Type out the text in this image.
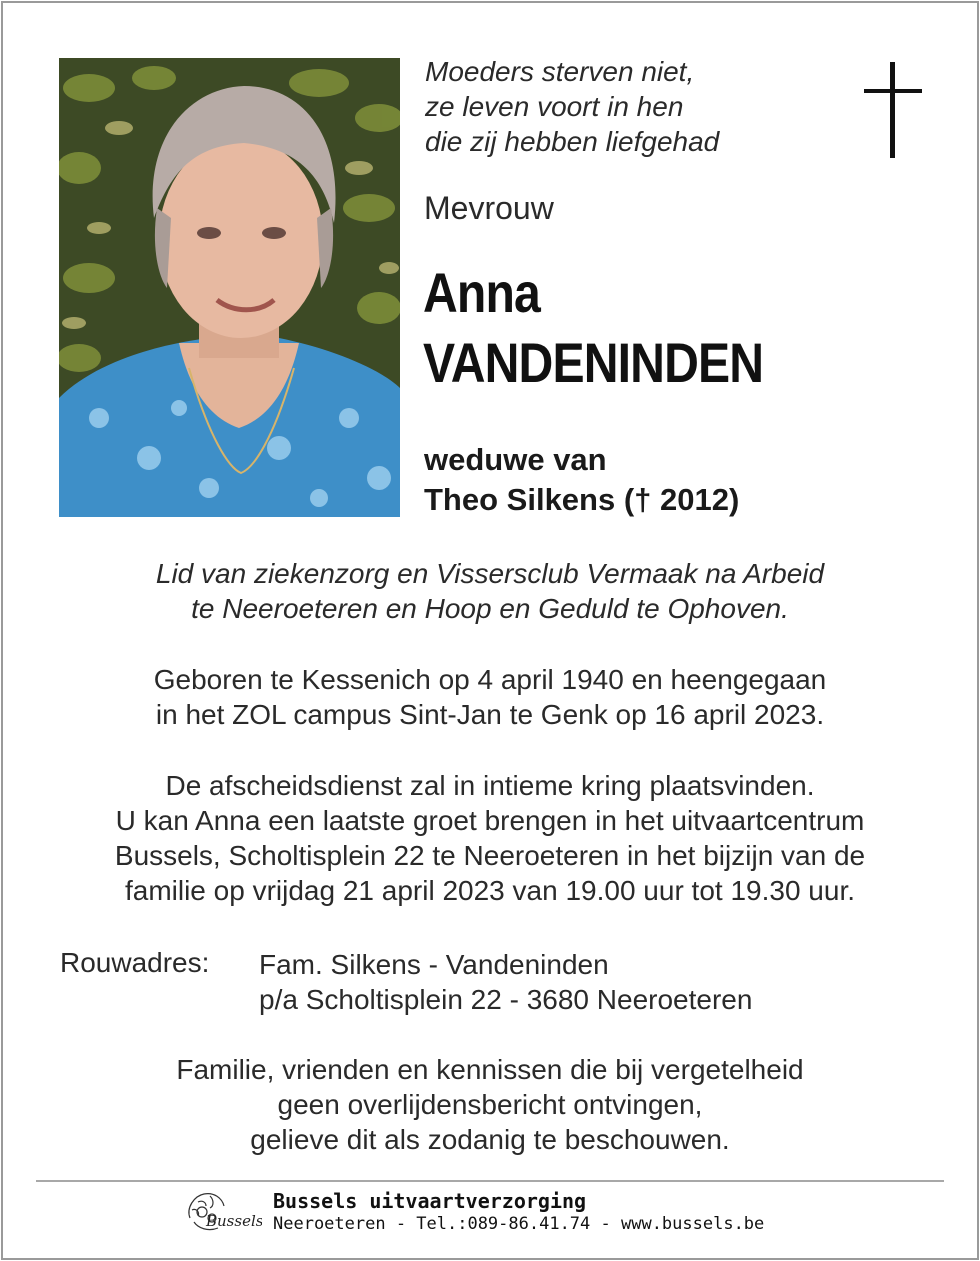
Moeders sterven niet,
ze leven voort in hen
die zij hebben liefgehad
Mevrouw
Anna
VANDENINDEN
weduwe van
Theo Silkens († 2012)
Lid van ziekenzorg en Vissersclub Vermaak na Arbeid
te Neeroeteren en Hoop en Geduld te Ophoven.
Geboren te Kessenich op 4 april 1940 en heengegaan
in het ZOL campus Sint-Jan te Genk op 16 april 2023.
De afscheidsdienst zal in intieme kring plaatsvinden.
U kan Anna een laatste groet brengen in het uitvaartcentrum
Bussels, Scholtisplein 22 te Neeroeteren in het bijzijn van de
familie op vrijdag 21 april 2023 van 19.00 uur tot 19.30 uur.
Rouwadres: Fam. Silkens - Vandeninden
p/a Scholtisplein 22 - 3680 Neeroeteren
Familie, vrienden en kennissen die bij vergetelheid
geen overlijdensbericht ontvingen,
gelieve dit als zodanig te beschouwen.
Bussels
Bussels uitvaartverzorging
Neeroeteren - Tel.:089-86.41.74 - www.bussels.be
